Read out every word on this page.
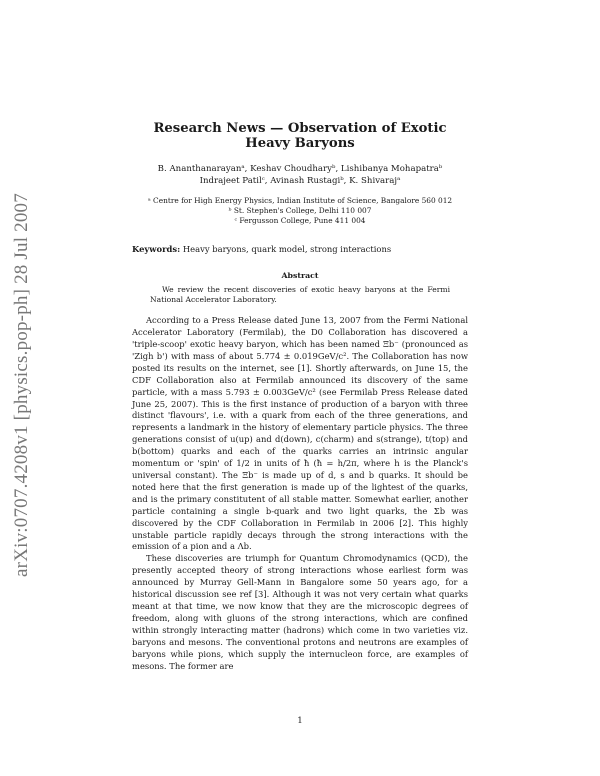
arXiv:0707.4208v1 [physics.pop-ph] 28 Jul 2007
Research News — Observation of Exotic Heavy Baryons
B. Ananthanarayanᵃ, Keshav Choudharyᵇ, Lishibanya Mohapatraᵇ
Indrajeet Patilᶜ, Avinash Rustagiᵇ, K. Shivarajᵃ
ᵃ Centre for High Energy Physics, Indian Institute of Science, Bangalore 560 012
ᵇ St. Stephen's College, Delhi 110 007
ᶜ Fergusson College, Pune 411 004
Keywords: Heavy baryons, quark model, strong interactions
Abstract
We review the recent discoveries of exotic heavy baryons at the Fermi National Accelerator Laboratory.

According to a Press Release dated June 13, 2007 from the Fermi National Accelerator Laboratory (Fermilab), the D0 Collaboration has discovered a 'triple-scoop' exotic heavy baryon, which has been named Ξb⁻ (pronounced as 'Zigh b') with mass of about 5.774 ± 0.019GeV/c². The Collaboration has now posted its results on the internet, see [1]. Shortly afterwards, on June 15, the CDF Collaboration also at Fermilab announced its discovery of the same particle, with a mass 5.793 ± 0.003GeV/c² (see Fermilab Press Release dated June 25, 2007). This is the first instance of production of a baryon with three distinct 'flavours', i.e. with a quark from each of the three generations, and represents a landmark in the history of elementary particle physics. The three generations consist of u(up) and d(down), c(charm) and s(strange), t(top) and b(bottom) quarks and each of the quarks carries an intrinsic angular momentum or 'spin' of 1/2 in units of ħ (ħ = h/2π, where h is the Planck's universal constant). The Ξb⁻ is made up of d, s and b quarks. It should be noted here that the first generation is made up of the lightest of the quarks, and is the primary constitutent of all stable matter. Somewhat earlier, another particle containing a single b-quark and two light quarks, the Σb was discovered by the CDF Collaboration in Fermilab in 2006 [2]. This highly unstable particle rapidly decays through the strong interactions with the emission of a pion and a Λb.

These discoveries are triumph for Quantum Chromodynamics (QCD), the presently accepted theory of strong interactions whose earliest form was announced by Murray Gell-Mann in Bangalore some 50 years ago, for a historical discussion see ref [3]. Although it was not very certain what quarks meant at that time, we now know that they are the microscopic degrees of freedom, along with gluons of the strong interactions, which are confined within strongly interacting matter (hadrons) which come in two varieties viz. baryons and mesons. The conventional protons and neutrons are examples of baryons while pions, which supply the internucleon force, are examples of mesons. The former are

1
